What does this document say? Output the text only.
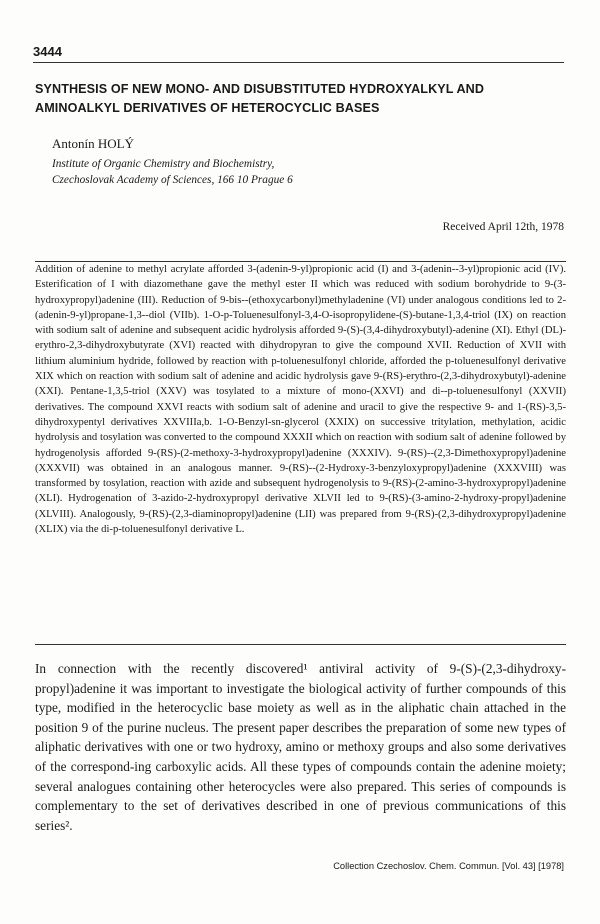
3444
SYNTHESIS OF NEW MONO- AND DISUBSTITUTED HYDROXYALKYL AND AMINOALKYL DERIVATIVES OF HETEROCYCLIC BASES

Antonín HOLÝ

Institute of Organic Chemistry and Biochemistry,
Czechoslovak Academy of Sciences, 166 10 Prague 6

Received April 12th, 1978

Addition of adenine to methyl acrylate afforded 3-(adenin-9-yl)propionic acid (I) and 3-(adenin--3-yl)propionic acid (IV). Esterification of I with diazomethane gave the methyl ester II which was reduced with sodium borohydride to 9-(3-hydroxypropyl)adenine (III). Reduction of 9-bis--(ethoxycarbonyl)methyladenine (VI) under analogous conditions led to 2-(adenin-9-yl)propane-1,3--diol (VIIb). 1-O-p-Toluenesulfonyl-3,4-O-isopropylidene-(S)-butane-1,3,4-triol (IX) on reaction with sodium salt of adenine and subsequent acidic hydrolysis afforded 9-(S)-(3,4-dihydroxybutyl)-adenine (XI). Ethyl (DL)-erythro-2,3-dihydroxybutyrate (XVI) reacted with dihydropyran to give the compound XVII. Reduction of XVII with lithium aluminium hydride, followed by reaction with p-toluenesulfonyl chloride, afforded the p-toluenesulfonyl derivative XIX which on reaction with sodium salt of adenine and acidic hydrolysis gave 9-(RS)-erythro-(2,3-dihydroxybutyl)-adenine (XXI). Pentane-1,3,5-triol (XXV) was tosylated to a mixture of mono-(XXVI) and di--p-toluenesulfonyl (XXVII) derivatives. The compound XXVI reacts with sodium salt of adenine and uracil to give the respective 9- and 1-(RS)-3,5-dihydroxypentyl derivatives XXVIIIa,b. 1-O-Benzyl-sn-glycerol (XXIX) on successive tritylation, methylation, acidic hydrolysis and tosylation was converted to the compound XXXII which on reaction with sodium salt of adenine followed by hydrogenolysis afforded 9-(RS)-(2-methoxy-3-hydroxypropyl)adenine (XXXIV). 9-(RS)--(2,3-Dimethoxypropyl)adenine (XXXVII) was obtained in an analogous manner. 9-(RS)--(2-Hydroxy-3-benzyloxypropyl)adenine (XXXVIII) was transformed by tosylation, reaction with azide and subsequent hydrogenolysis to 9-(RS)-(2-amino-3-hydroxypropyl)adenine (XLI). Hydrogenation of 3-azido-2-hydroxypropyl derivative XLVII led to 9-(RS)-(3-amino-2-hydroxy-propyl)adenine (XLVIII). Analogously, 9-(RS)-(2,3-diaminopropyl)adenine (LII) was prepared from 9-(RS)-(2,3-dihydroxypropyl)adenine (XLIX) via the di-p-toluenesulfonyl derivative L.

In connection with the recently discovered¹ antiviral activity of 9-(S)-(2,3-dihydroxy-propyl)adenine it was important to investigate the biological activity of further compounds of this type, modified in the heterocyclic base moiety as well as in the aliphatic chain attached in the position 9 of the purine nucleus. The present paper describes the preparation of some new types of aliphatic derivatives with one or two hydroxy, amino or methoxy groups and also some derivatives of the correspond-ing carboxylic acids. All these types of compounds contain the adenine moiety; several analogues containing other heterocycles were also prepared. This series of compounds is complementary to the set of derivatives described in one of previous communications of this series².

Collection Czechoslov. Chem. Commun. [Vol. 43] [1978]
